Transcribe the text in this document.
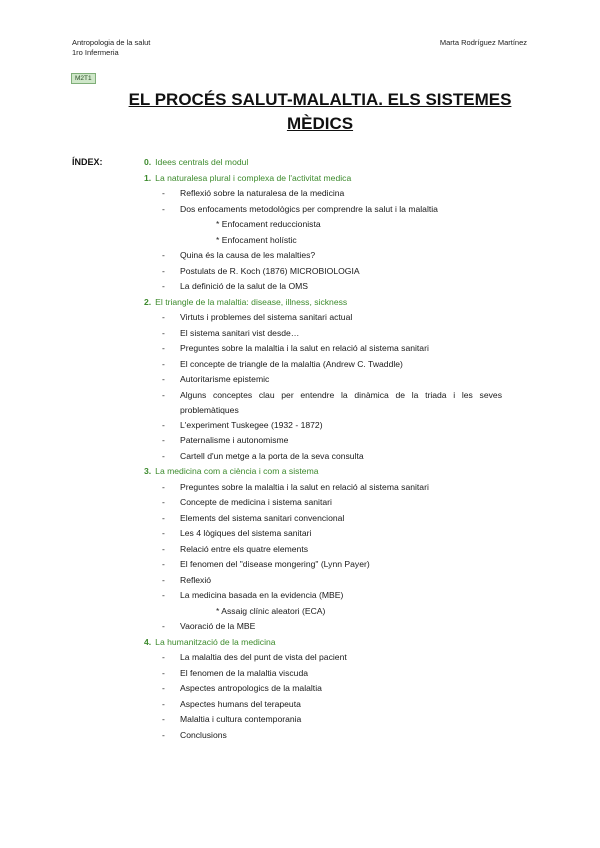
Antropologia de la salut
1ro Infermeria
Marta Rodríguez Martínez
M2T1
EL PROCÉS SALUT-MALALTIA. ELS SISTEMES
MÈDICS
ÍNDEX:	0. Idees centrals del modul
1. La naturalesa plural i complexa de l'activitat medica
- Reflexió sobre la naturalesa de la medicina
- Dos enfocaments metodològics per comprendre la salut i la malaltia
* Enfocament reduccionista
* Enfocament holístic
- Quina és la causa de les malalties?
- Postulats de R. Koch (1876) MICROBIOLOGIA
- La definició de la salut de la OMS
2. El triangle de la malaltia: disease, illness, sickness
- Virtuts i problemes del sistema sanitari actual
- El sistema sanitari vist desde…
- Preguntes sobre la malaltia i la salut en relació al sistema sanitari
- El concepte de triangle de la malaltia (Andrew C. Twaddle)
- Autoritarisme epistemic
- Alguns conceptes clau per entendre la dinàmica de la triada i les seves problemàtiques
- L'experiment Tuskegee (1932 - 1872)
- Paternalisme i autonomisme
- Cartell d'un metge a la porta de la seva consulta
3. La medicina com a ciència i com a sistema
- Preguntes sobre la malaltia i la salut en relació al sistema sanitari
- Concepte de medicina i sistema sanitari
- Elements del sistema sanitari convencional
- Les 4 lògiques del sistema sanitari
- Relació entre els quatre elements
- El fenomen del "disease mongering" (Lynn Payer)
- Reflexió
- La medicina basada en la evidencia (MBE)
* Assaig clínic aleatori (ECA)
- Vaoració de la MBE
4. La humanització de la medicina
- La malaltia des del punt de vista del pacient
- El fenomen de la malaltia viscuda
- Aspectes antropologics de la malaltia
- Aspectes humans del terapeuta
- Malaltia i cultura contemporania
- Conclusions
